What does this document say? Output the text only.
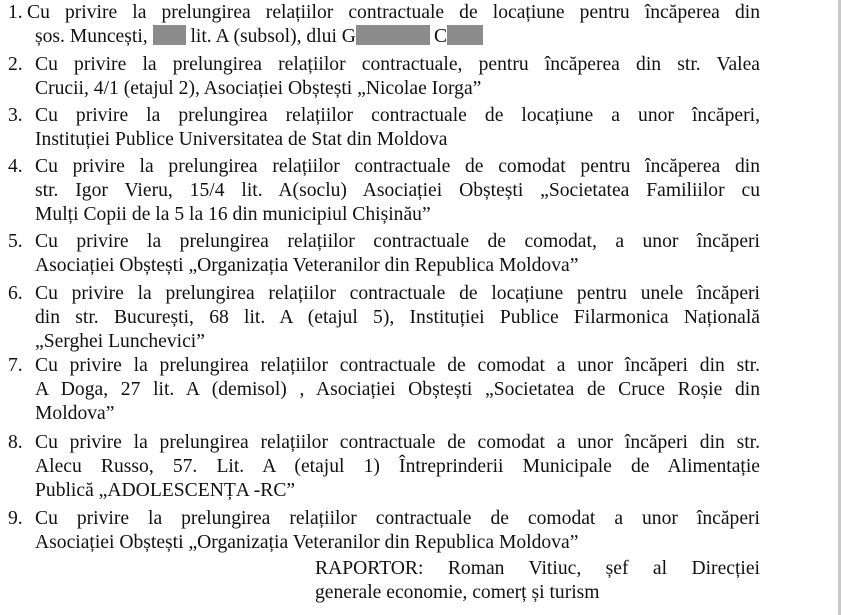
1. Cu privire la prelungirea relațiilor contractuale de locațiune pentru încăperea din
șos. Muncești,  lit. A (subsol), dlui G	C
2. Cu privire la prelungirea relațiilor contractuale, pentru încăperea din str. Valea
Crucii, 4/1 (etajul 2), Asociației Obștești „Nicolae Iorga”
3. Cu privire la prelungirea relațiilor contractuale de locațiune a unor încăperi,
Instituției Publice Universitatea de Stat din Moldova
4. Cu privire la prelungirea relațiilor contractuale de comodat pentru încăperea din
str. Igor Vieru, 15/4 lit. A(soclu) Asociației Obștești „Societatea Familiilor cu
Mulți Copii de la 5 la 16 din municipiul Chișinău”
5. Cu privire la prelungirea relațiilor contractuale de comodat, a unor încăperi
Asociației Obștești „Organizația Veteranilor din Republica Moldova”
6. Cu privire la prelungirea relațiilor contractuale de locațiune pentru unele încăperi
din str. București, 68 lit. A (etajul 5), Instituției Publice Filarmonica Națională
„Serghei Lunchevici”
7. Cu privire la prelungirea relațiilor contractuale de comodat a unor încăperi din str.
A Doga, 27 lit. A (demisol) , Asociației Obștești „Societatea de Cruce Roșie din
Moldova”
8. Cu privire la prelungirea relațiilor contractuale de comodat a unor încăperi din str.
Alecu Russo, 57. Lit. A (etajul 1) Întreprinderii Municipale de Alimentație
Publică „ADOLESCENȚA -RC”
9. Cu privire la prelungirea relațiilor contractuale de comodat a unor încăperi
Asociației Obștești „Organizația Veteranilor din Republica Moldova”
RAPORTOR: Roman Vitiuc, șef al Direcției
generale economie, comerț și turism
